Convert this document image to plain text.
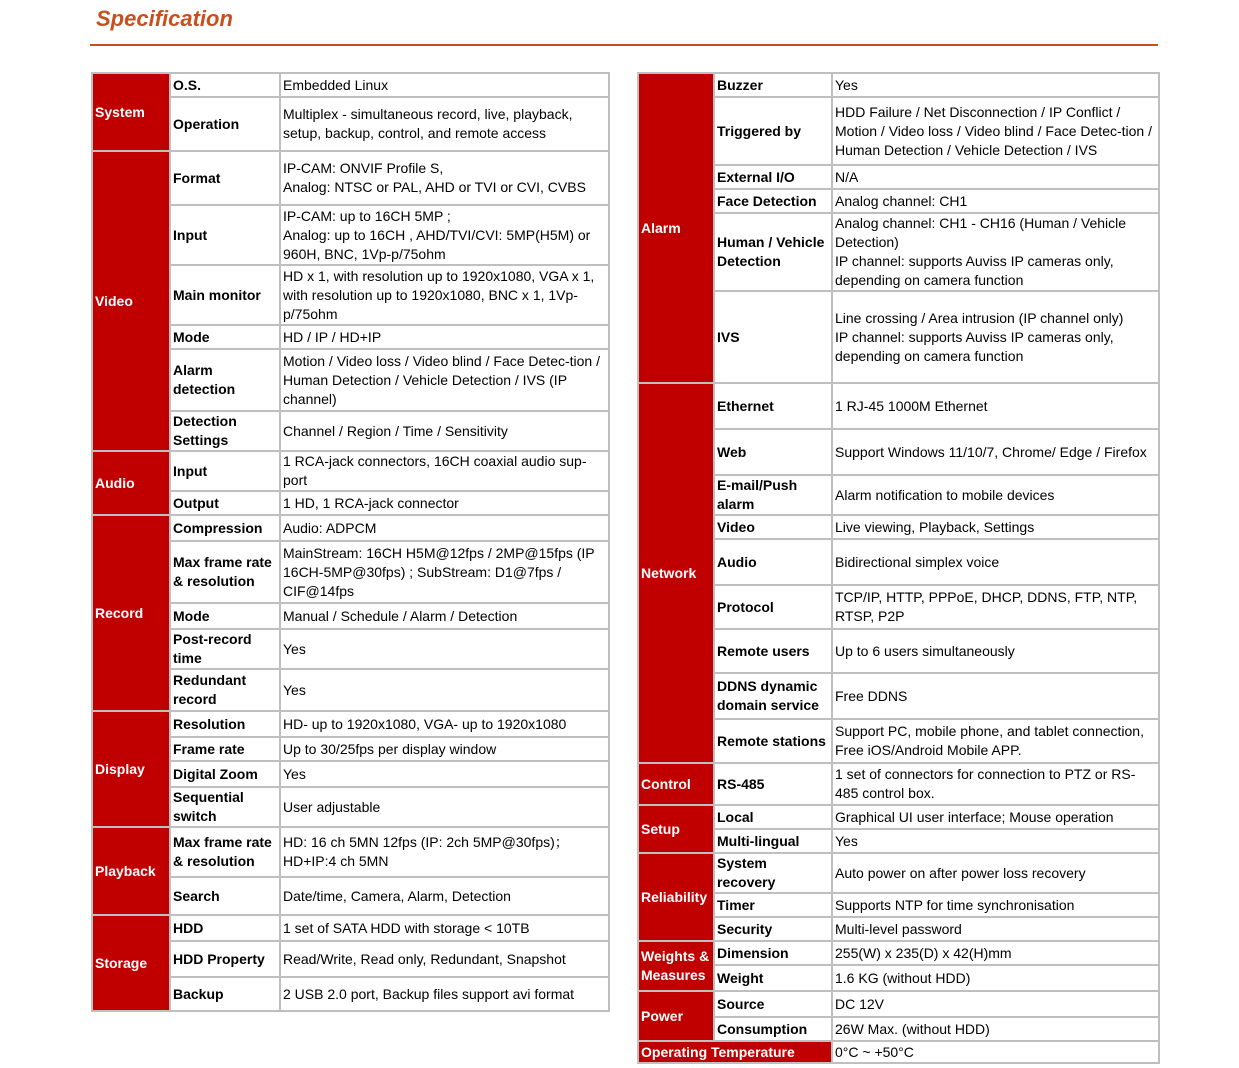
Specification
System	O.S.	Embedded Linux
	Operation	Multiplex - simultaneous record, live, playback, setup, backup, control, and remote access
Video	Format	IP-CAM: ONVIF Profile S,
Analog: NTSC or PAL, AHD or TVI or CVI, CVBS
	Input	IP-CAM: up to 16CH 5MP ;
Analog: up to 16CH , AHD/TVI/CVI: 5MP(H5M) or 960H, BNC, 1Vp-p/75ohm
	Main monitor	HD x 1, with resolution up to 1920x1080, VGA x 1, with resolution up to 1920x1080, BNC x 1, 1Vp-p/75ohm
	Mode	HD / IP / HD+IP
	Alarm detection	Motion / Video loss / Video blind / Face Detec-tion / Human Detection / Vehicle Detection / IVS (IP channel)
	Detection Settings	Channel / Region / Time / Sensitivity
Audio	Input	1 RCA-jack connectors, 16CH coaxial audio sup-port
	Output	1 HD, 1 RCA-jack connector
Record	Compression	Audio: ADPCM
	Max frame rate & resolution	MainStream: 16CH H5M@12fps / 2MP@15fps (IP 16CH-5MP@30fps) ; SubStream: D1@7fps / CIF@14fps
	Mode	Manual / Schedule / Alarm / Detection
	Post-record time	Yes
	Redundant record	Yes
Display	Resolution	HD- up to 1920x1080, VGA- up to 1920x1080
	Frame rate	Up to 30/25fps per display window
	Digital Zoom	Yes
	Sequential switch	User adjustable
Playback	Max frame rate & resolution	HD: 16 ch 5MN 12fps (IP: 2ch 5MP@30fps)；
HD+IP:4 ch 5MN
	Search	Date/time, Camera, Alarm, Detection
Storage	HDD	1 set of SATA HDD with storage < 10TB
	HDD Property	Read/Write, Read only, Redundant, Snapshot
	Backup	2 USB 2.0 port, Backup files support avi format
Alarm	Buzzer	Yes
	Triggered by	HDD Failure / Net Disconnection / IP Conflict / Motion / Video loss / Video blind / Face Detec-tion / Human Detection / Vehicle Detection / IVS
	External I/O	N/A
	Face Detection	Analog channel: CH1
	Human / Vehicle Detection	Analog channel: CH1 - CH16 (Human / Vehicle Detection)
IP channel: supports Auviss IP cameras only, depending on camera function
	IVS	Line crossing / Area intrusion (IP channel only)
IP channel: supports Auviss IP cameras only, depending on camera function
Network	Ethernet	1 RJ-45 1000M Ethernet
	Web	Support Windows 11/10/7, Chrome/ Edge / Firefox
	E-mail/Push alarm	Alarm notification to mobile devices
	Video	Live viewing, Playback, Settings
	Audio	Bidirectional simplex voice
	Protocol	TCP/IP, HTTP, PPPoE, DHCP, DDNS, FTP, NTP, RTSP, P2P
	Remote users	Up to 6 users simultaneously
	DDNS dynamic domain service	Free DDNS
	Remote stations	Support PC, mobile phone, and tablet connection, Free iOS/Android Mobile APP.
Control	RS-485	1 set of connectors for connection to PTZ or RS-485 control box.
Setup	Local	Graphical UI user interface; Mouse operation
	Multi-lingual	Yes
Reliability	System recovery	Auto power on after power loss recovery
	Timer	Supports NTP for time synchronisation
	Security	Multi-level password
Weights & Measures	Dimension	255(W) x 235(D) x 42(H)mm
	Weight	1.6 KG (without HDD)
Power	Source	DC 12V
	Consumption	26W Max. (without HDD)
Operating Temperature		0°C ~ +50°C
